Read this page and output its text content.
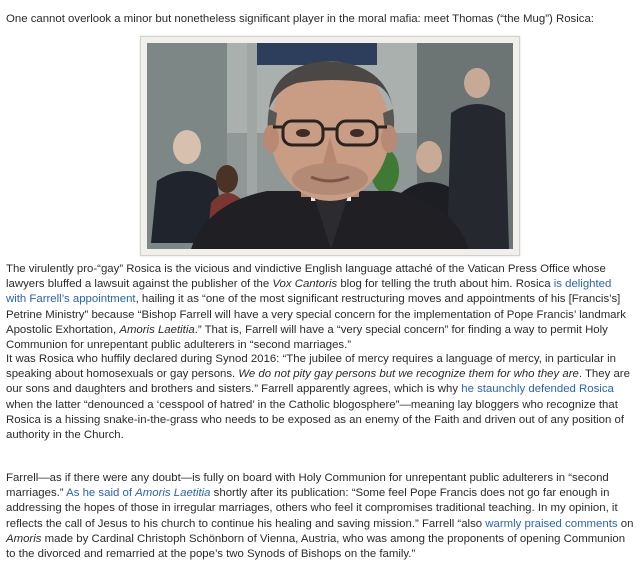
One cannot overlook a minor but nonetheless significant player in the moral mafia: meet Thomas (“the Mug”) Rosica:

The virulently pro-“gay” Rosica is the vicious and vindictive English language attaché of the Vatican Press Office whose lawyers bluffed a lawsuit against the publisher of the Vox Cantoris blog for telling the truth about him. Rosica is delighted with Farrell’s appointment, hailing it as “one of the most significant restructuring moves and appointments of his [Francis’s] Petrine Ministry” because “Bishop Farrell will have a very special concern for the implementation of Pope Francis’ landmark Apostolic Exhortation, Amoris Laetitia.” That is, Farrell will have a “very special concern” for finding a way to permit Holy Communion for unrepentant public adulterers in “second marriages.”

It was Rosica who huffily declared during Synod 2016: “The jubilee of mercy requires a language of mercy, in particular in speaking about homosexuals or gay persons. We do not pity gay persons but we recognize them for who they are. They are our sons and daughters and brothers and sisters.” Farrell apparently agrees, which is why he staunchly defended Rosica when the latter “denounced a ‘cesspool of hatred’ in the Catholic blogosphere”—meaning lay bloggers who recognize that Rosica is a hissing snake-in-the-grass who needs to be exposed as an enemy of the Faith and driven out of any position of authority in the Church.

Farrell—as if there were any doubt—is fully on board with Holy Communion for unrepentant public adulterers in “second marriages.” As he said of Amoris Laetitia shortly after its publication: “Some feel Pope Francis does not go far enough in addressing the hopes of those in irregular marriages, others who feel it compromises traditional teaching. In my opinion, it reflects the call of Jesus to his church to continue his healing and saving mission.” Farrell “also warmly praised comments on Amoris made by Cardinal Christoph Schönborn of Vienna, Austria, who was among the proponents of opening Communion to the divorced and remarried at the pope’s two Synods of Bishops on the family.”
